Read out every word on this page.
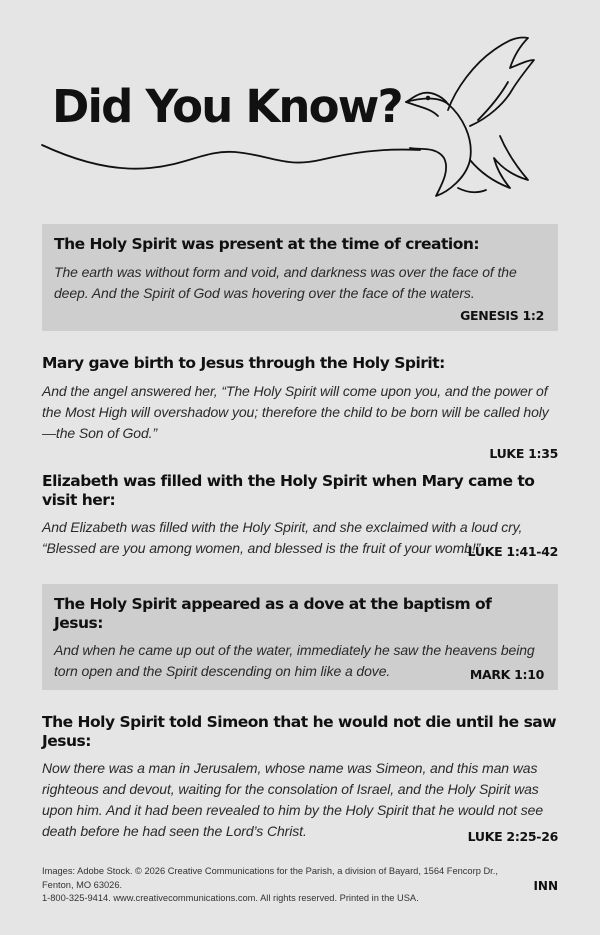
Did You Know?
The Holy Spirit was present at the time of creation:

The earth was without form and void, and darkness was over the face of the deep. And the Spirit of God was hovering over the face of the waters.

GENESIS 1:2
Mary gave birth to Jesus through the Holy Spirit:

And the angel answered her, “The Holy Spirit will come upon you, and the power of the Most High will overshadow you; therefore the child to be born will be called holy—the Son of God.”

LUKE 1:35
Elizabeth was filled with the Holy Spirit when Mary came to visit her:

And Elizabeth was filled with the Holy Spirit, and she exclaimed with a loud cry, “Blessed are you among women, and blessed is the fruit of your womb!”

LUKE 1:41-42
The Holy Spirit appeared as a dove at the baptism of Jesus:

And when he came up out of the water, immediately he saw the heavens being torn open and the Spirit descending on him like a dove.	MARK 1:10
The Holy Spirit told Simeon that he would not die until he saw Jesus:

Now there was a man in Jerusalem, whose name was Simeon, and this man was righteous and devout, waiting for the consolation of Israel, and the Holy Spirit was upon him. And it had been revealed to him by the Holy Spirit that he would not see death before he had seen the Lord’s Christ.	LUKE 2:25-26
Images: Adobe Stock. © 2026 Creative Communications for the Parish, a division of Bayard, 1564 Fencorp Dr., Fenton, MO 63026.
1-800-325-9414. www.creativecommunications.com. All rights reserved. Printed in the USA.
INN
